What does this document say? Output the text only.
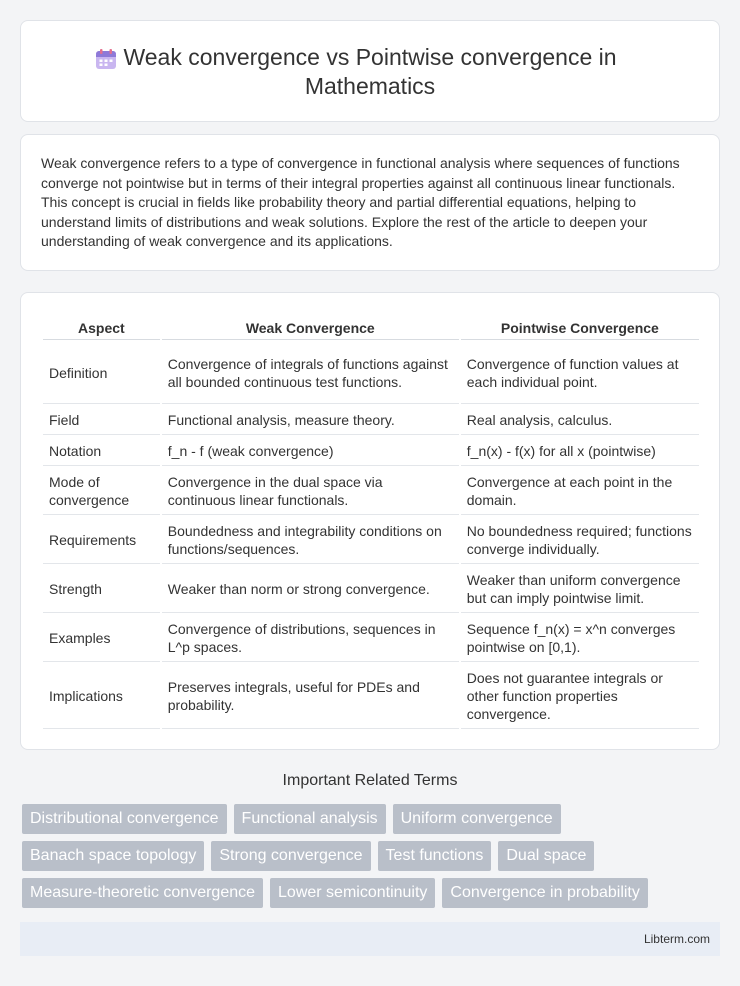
Weak convergence vs Pointwise convergence in Mathematics

Weak convergence refers to a type of convergence in functional analysis where sequences of functions converge not pointwise but in terms of their integral properties against all continuous linear functionals. This concept is crucial in fields like probability theory and partial differential equations, helping to understand limits of distributions and weak solutions. Explore the rest of the article to deepen your understanding of weak convergence and its applications.

Aspect	Weak Convergence	Pointwise Convergence
Definition	Convergence of integrals of functions against all bounded continuous test functions.	Convergence of function values at each individual point.
Field	Functional analysis, measure theory.	Real analysis, calculus.
Notation	f_n - f (weak convergence)	f_n(x) - f(x) for all x (pointwise)
Mode of convergence	Convergence in the dual space via continuous linear functionals.	Convergence at each point in the domain.
Requirements	Boundedness and integrability conditions on functions/sequences.	No boundedness required; functions converge individually.
Strength	Weaker than norm or strong convergence.	Weaker than uniform convergence but can imply pointwise limit.
Examples	Convergence of distributions, sequences in L^p spaces.	Sequence f_n(x) = x^n converges pointwise on [0,1).
Implications	Preserves integrals, useful for PDEs and probability.	Does not guarantee integrals or other function properties convergence.
Important Related Terms
Distributional convergence	Functional analysis	Uniform convergence
Banach space topology	Strong convergence	Test functions	Dual space
Measure-theoretic convergence	Lower semicontinuity	Convergence in probability
Libterm.com
